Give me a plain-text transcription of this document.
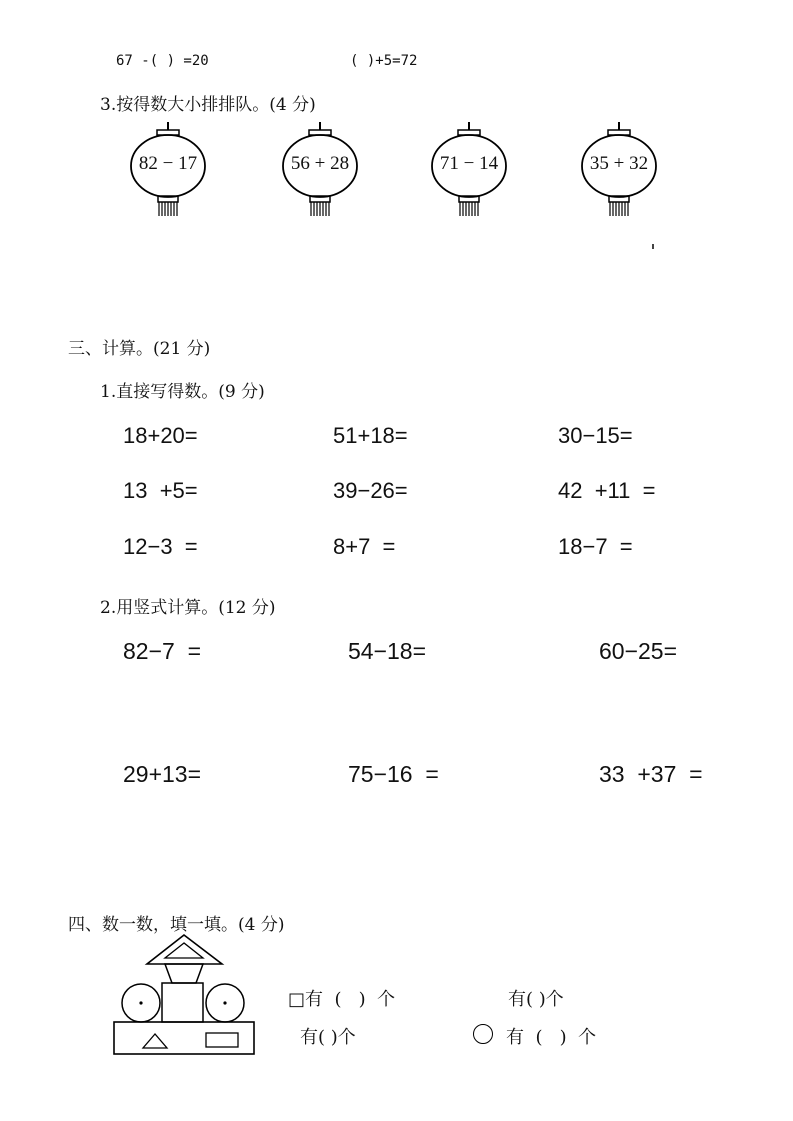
67 -( ) =20	( )+5=72
3.按得数大小排排队。(4 分)
82 − 17	56 + 28	71 − 14	35 + 32
三、计算。(21 分)
1.直接写得数。(9 分)
18+20=	51+18=	30−15=
13  +5=	39−26=	42  +11  =
12−3  =	8+7  =	18−7  =
2.用竖式计算。(12 分)
82−7  =	54−18=	60−25=
29+13=	75−16  =	33  +37  =
四、数一数，填一填。(4 分)
□有  (   )  个	有( )个
有( )个	有  (   )  个
